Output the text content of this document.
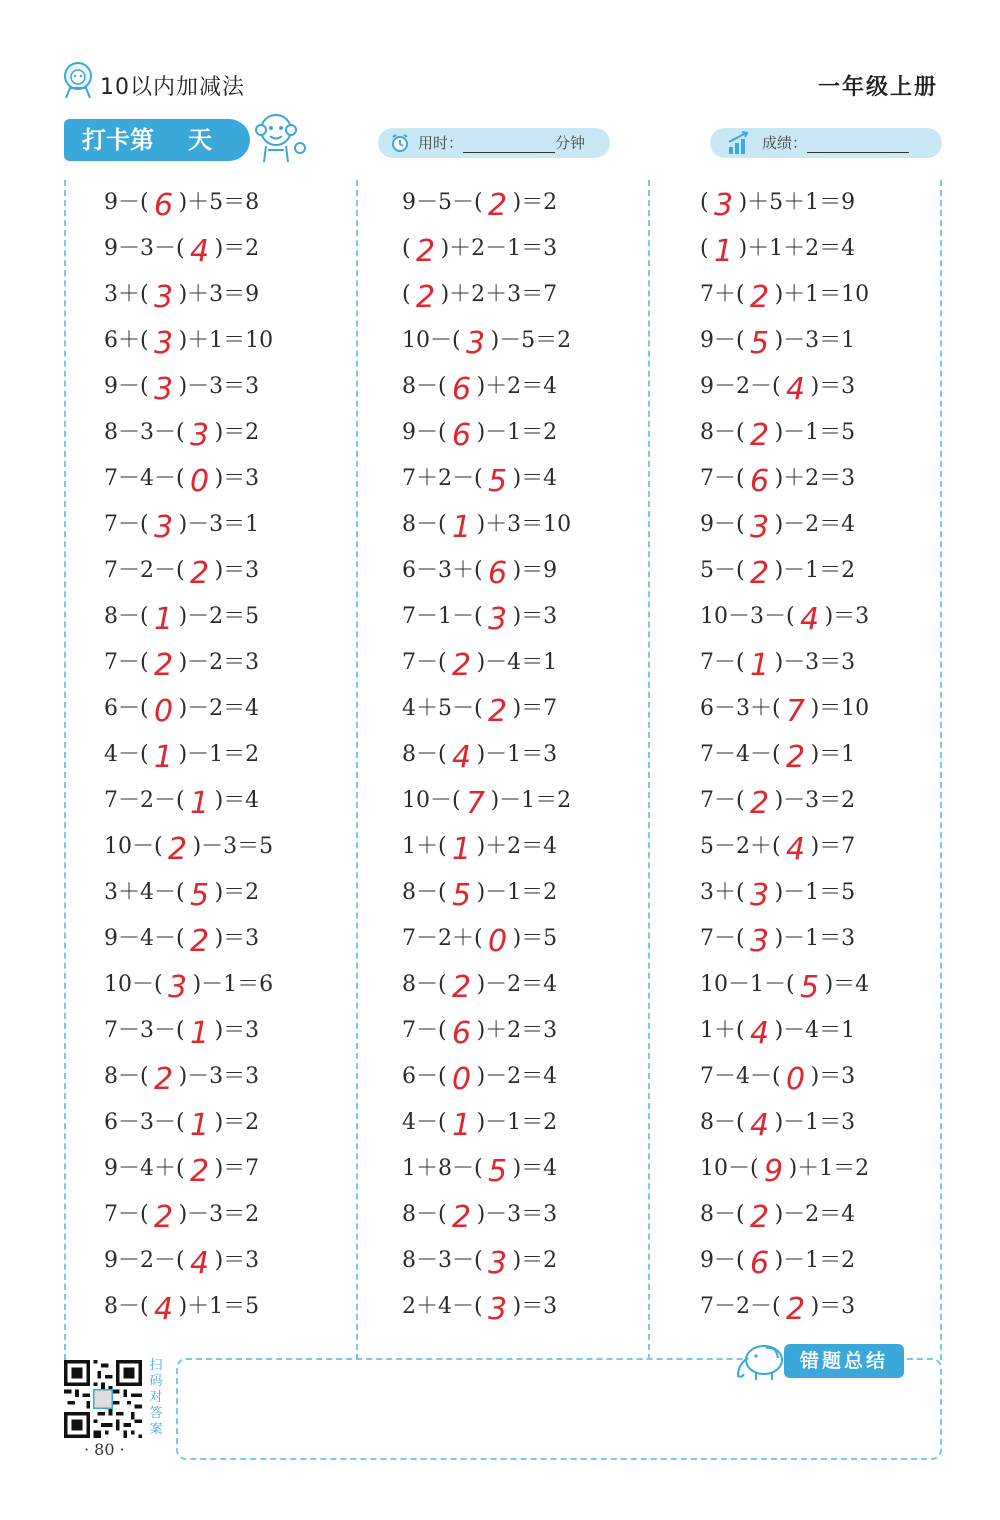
10以内加减法	一年级上册
打卡第 天	用时：	分钟	成绩：
9－( 6 )＋5＝8
9－3－( 4 )＝2
3＋( 3 )＋3＝9
6＋( 3 )＋1＝10
9－( 3 )－3＝3
8－3－( 3 )＝2
7－4－( 0 )＝3
7－( 3 )－3＝1
7－2－( 2 )＝3
8－( 1 )－2＝5
7－( 2 )－2＝3
6－( 0 )－2＝4
4－( 1 )－1＝2
7－2－( 1 )＝4
10－( 2 )－3＝5
3＋4－( 5 )＝2
9－4－( 2 )＝3
10－( 3 )－1＝6
7－3－( 1 )＝3
8－( 2 )－3＝3
6－3－( 1 )＝2
9－4＋( 2 )＝7
7－( 2 )－3＝2
9－2－( 4 )＝3
8－( 4 )＋1＝5
9－5－( 2 )＝2
( 2 )＋2－1＝3
( 2 )＋2＋3＝7
10－( 3 )－5＝2
8－( 6 )＋2＝4
9－( 6 )－1＝2
7＋2－( 5 )＝4
8－( 1 )＋3＝10
6－3＋( 6 )＝9
7－1－( 3 )＝3
7－( 2 )－4＝1
4＋5－( 2 )＝7
8－( 4 )－1＝3
10－( 7 )－1＝2
1＋( 1 )＋2＝4
8－( 5 )－1＝2
7－2＋( 0 )＝5
8－( 2 )－2＝4
7－( 6 )＋2＝3
6－( 0 )－2＝4
4－( 1 )－1＝2
1＋8－( 5 )＝4
8－( 2 )－3＝3
8－3－( 3 )＝2
2＋4－( 3 )＝3
( 3 )＋5＋1＝9
( 1 )＋1＋2＝4
7＋( 2 )＋1＝10
9－( 5 )－3＝1
9－2－( 4 )＝3
8－( 2 )－1＝5
7－( 6 )＋2＝3
9－( 3 )－2＝4
5－( 2 )－1＝2
10－3－( 4 )＝3
7－( 1 )－3＝3
6－3＋( 7 )＝10
7－4－( 2 )＝1
7－( 2 )－3＝2
5－2＋( 4 )＝7
3＋( 3 )－1＝5
7－( 3 )－1＝3
10－1－( 5 )＝4
1＋( 4 )－4＝1
7－4－( 0 )＝3
8－( 4 )－1＝3
10－( 9 )＋1＝2
8－( 2 )－2＝4
9－( 6 )－1＝2
7－2－( 2 )＝3
错题总结
扫码对答案
· 80 ·
